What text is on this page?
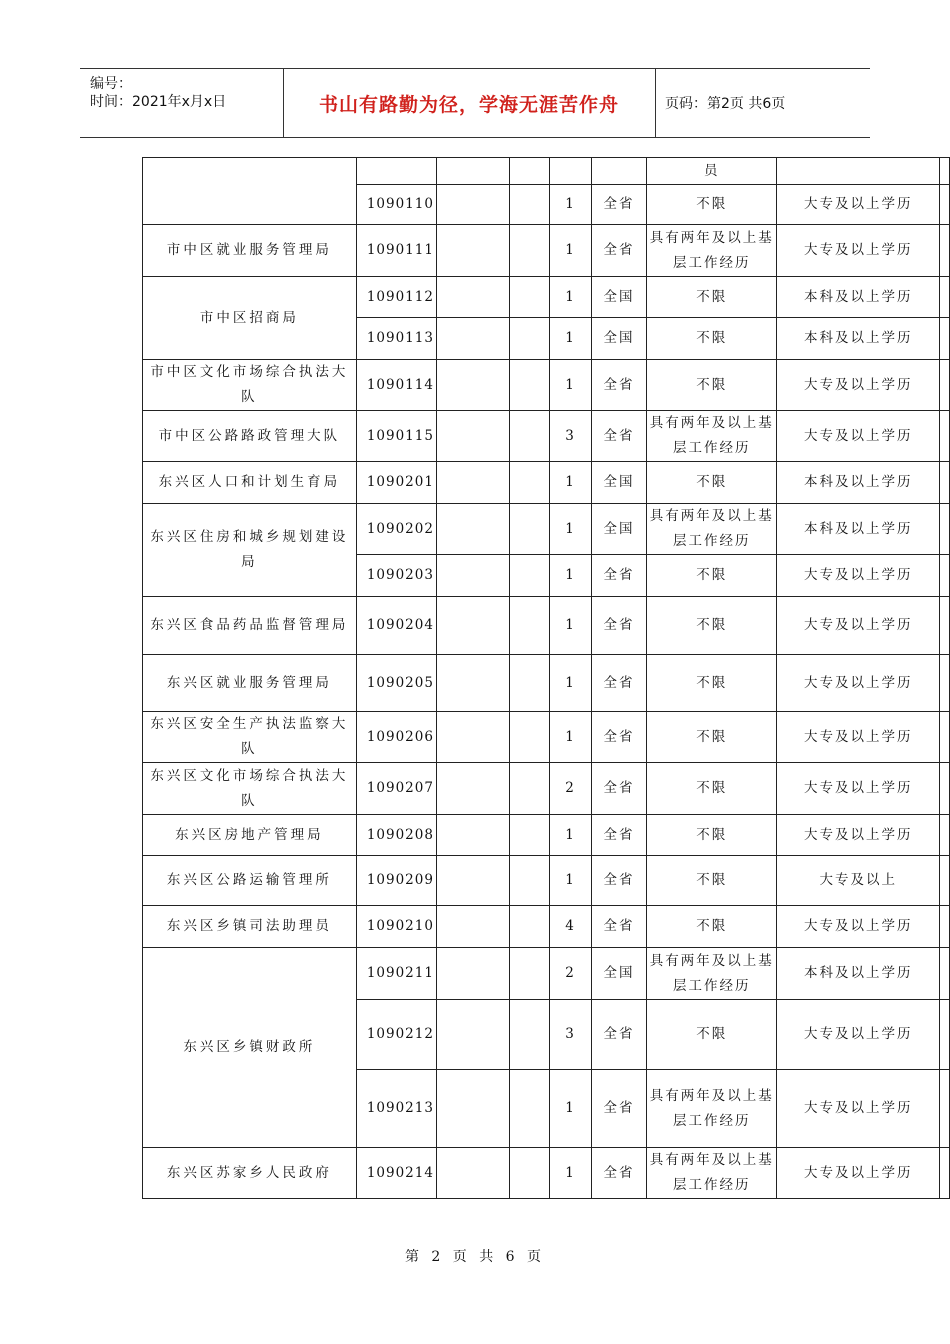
编号：
时间：2021年x月x日	书山有路勤为径，学海无涯苦作舟	页码：第2页 共6页
						员		
	1090110			1	全省	不限	大专及以上学历	
市中区就业服务管理局	1090111			1	全省	具有两年及以上基层工作经历	大专及以上学历	
市中区招商局	1090112			1	全国	不限	本科及以上学历	
	1090113			1	全国	不限	本科及以上学历	
市中区文化市场综合执法大队	1090114			1	全省	不限	大专及以上学历	
市中区公路路政管理大队	1090115			3	全省	具有两年及以上基层工作经历	大专及以上学历	
东兴区人口和计划生育局	1090201			1	全国	不限	本科及以上学历	
东兴区住房和城乡规划建设局	1090202			1	全国	具有两年及以上基层工作经历	本科及以上学历	
	1090203			1	全省	不限	大专及以上学历	
东兴区食品药品监督管理局	1090204			1	全省	不限	大专及以上学历	
东兴区就业服务管理局	1090205			1	全省	不限	大专及以上学历	
东兴区安全生产执法监察大队	1090206			1	全省	不限	大专及以上学历	
东兴区文化市场综合执法大队	1090207			2	全省	不限	大专及以上学历	
东兴区房地产管理局	1090208			1	全省	不限	大专及以上学历	
东兴区公路运输管理所	1090209			1	全省	不限	大专及以上	
东兴区乡镇司法助理员	1090210			4	全省	不限	大专及以上学历	
东兴区乡镇财政所	1090211			2	全国	具有两年及以上基层工作经历	本科及以上学历	
	1090212			3	全省	不限	大专及以上学历	
	1090213			1	全省	具有两年及以上基层工作经历	大专及以上学历	
东兴区苏家乡人民政府	1090214			1	全省	具有两年及以上基层工作经历	大专及以上学历	
第 2 页 共 6 页
